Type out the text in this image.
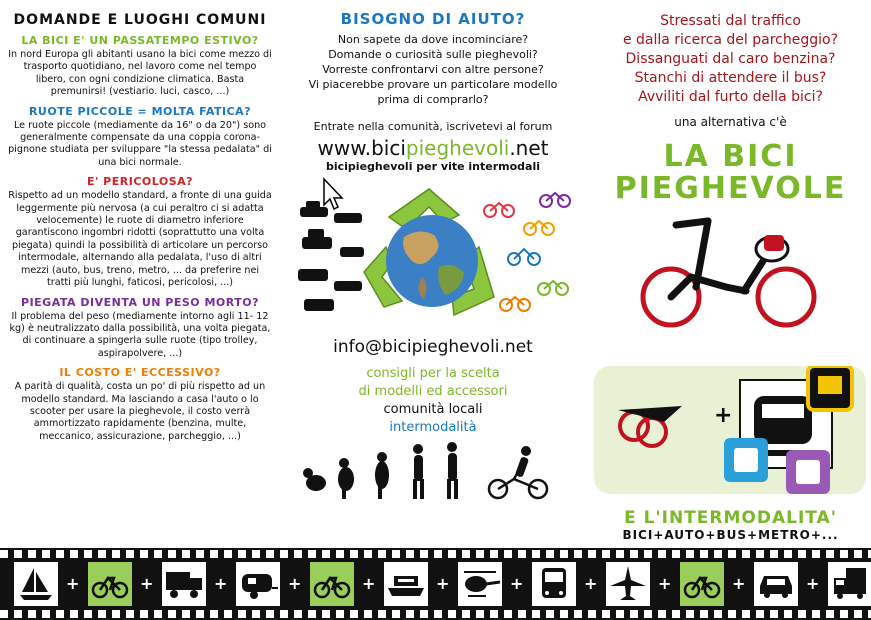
DOMANDE E LUOGHI COMUNI
LA BICI E' UN PASSATEMPO ESTIVO?
In nord Europa gli abitanti usano la bici come mezzo di trasporto quotidiano, nel lavoro come nel tempo libero, con ogni condizione climatica. Basta premunirsi! (vestiario. luci, casco, ...)
RUOTE PICCOLE = MOLTA FATICA?
Le ruote piccole (mediamente da 16" o da 20") sono generalmente compensate da una coppia corona-pignone studiata per sviluppare "la stessa pedalata" di una bici normale.
E' PERICOLOSA?
Rispetto ad un modello standard, a fronte di una guida leggermente più nervosa (a cui peraltro ci si adatta velocemente) le ruote di diametro inferiore garantiscono ingombri ridotti (soprattutto una volta piegata) quindi la possibilità di articolare un percorso intermodale, alternando alla pedalata, l'uso di altri mezzi (auto, bus, treno, metro, ... da preferire nei tratti più lunghi, faticosi, pericolosi, ...)
PIEGATA DIVENTA UN PESO MORTO?
Il problema del peso (mediamente intorno agli 11- 12 kg) è neutralizzato dalla possibilità, una volta piegata, di continuare a spingerla sulle ruote (tipo trolley, aspirapolvere, ...)
IL COSTO E' ECCESSIVO?
A parità di qualità, costa un po' di più rispetto ad un modello standard. Ma lasciando a casa l'auto o lo scooter per usare la pieghevole, il costo verrà ammortizzato rapidamente (benzina, multe, meccanico, assicurazione, parcheggio, ...)
BISOGNO DI AIUTO?
Non sapete da dove incominciare?
Domande o curiosità sulle pieghevoli?
Vorreste confrontarvi con altre persone?
Vi piacerebbe provare un particolare modello
prima di comprarlo?
Entrate nella comunità, iscrivetevi al forum
www.bicipieghevoli.net
bicipieghevoli per vite intermodali
info@bicipieghevoli.net
consigli per la scelta
di modelli ed accessori
comunità locali
intermodalità
Stressati dal traffico
e dalla ricerca del parcheggio?
Dissanguati dal caro benzina?
Stanchi di attendere il bus?
Avviliti dal furto della bici?
una alternativa c'è
LA BICI
PIEGHEVOLE
+
E L'INTERMODALITA'
BICI+AUTO+BUS+METRO+...
+	+	+	+	+	+	+	+	+	+	+
